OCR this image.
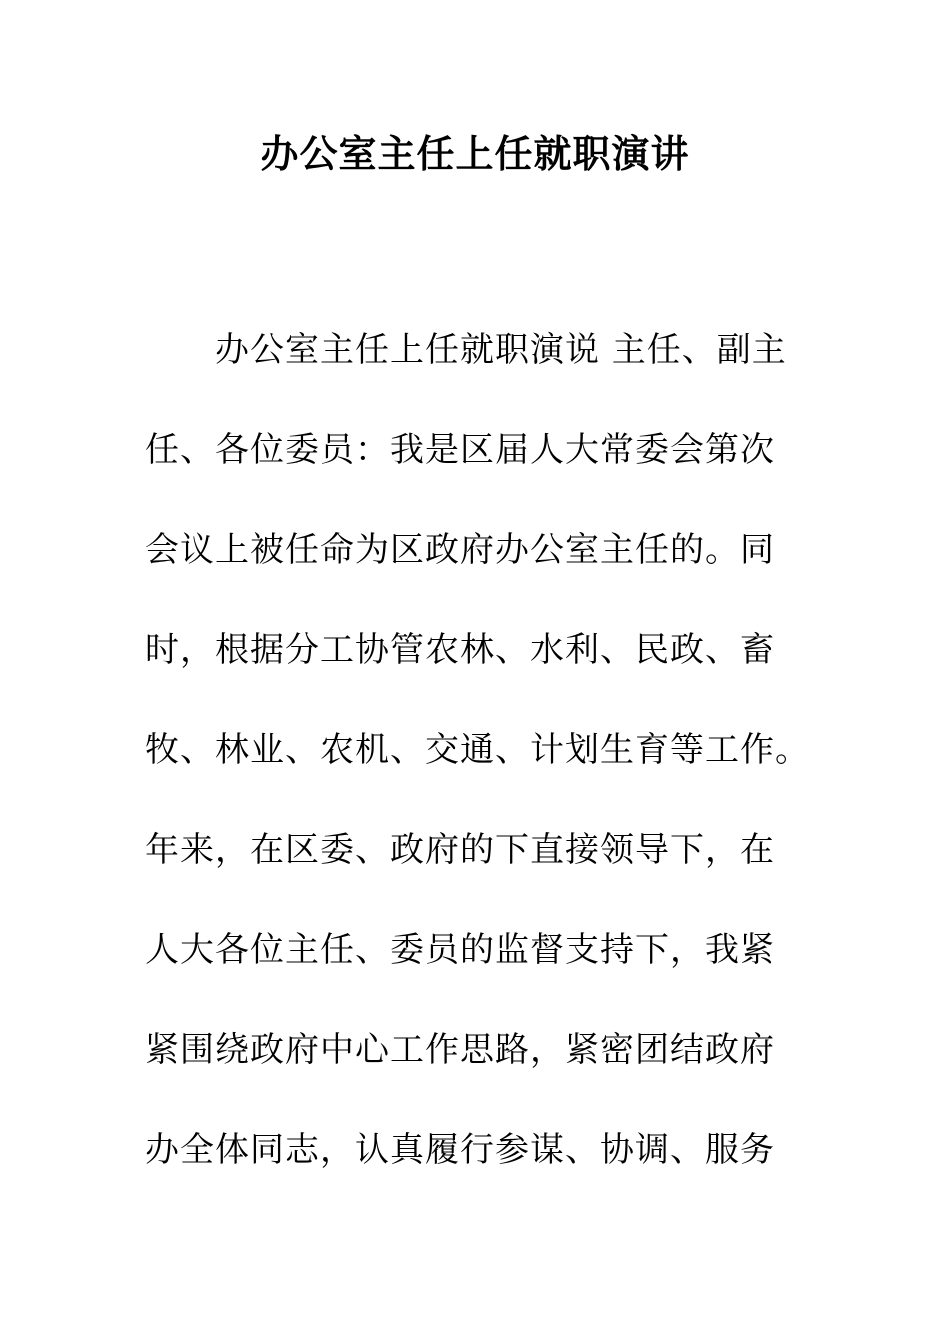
办公室主任上任就职演讲
办公室主任上任就职演说 主任、副主
任、各位委员：我是区届人大常委会第次
会议上被任命为区政府办公室主任的。同
时，根据分工协管农林、水利、民政、畜
牧、林业、农机、交通、计划生育等工作。
年来，在区委、政府的下直接领导下，在
人大各位主任、委员的监督支持下，我紧
紧围绕政府中心工作思路，紧密团结政府
办全体同志，认真履行参谋、协调、服务
